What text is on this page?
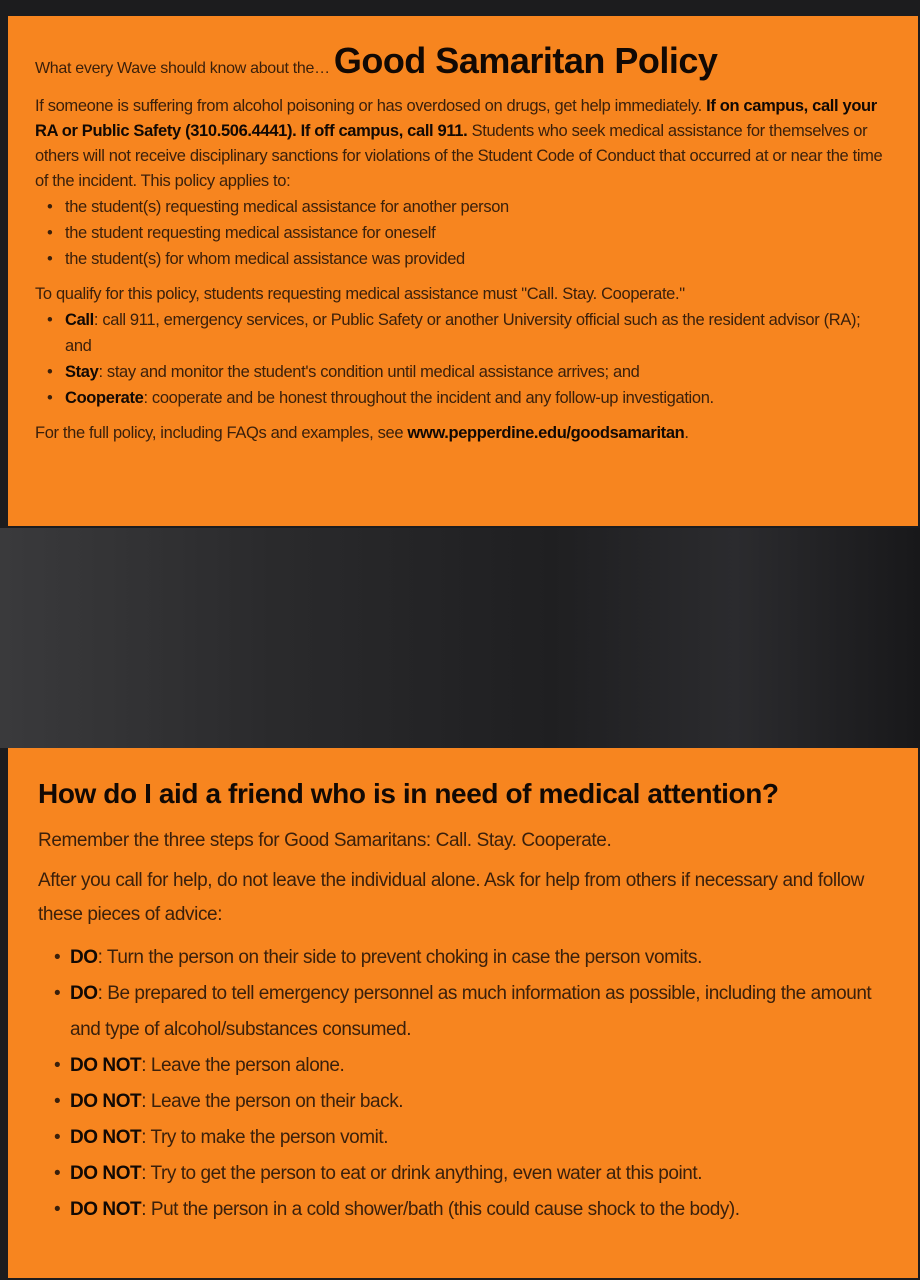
What every Wave should know about the… Good Samaritan Policy

If someone is suffering from alcohol poisoning or has overdosed on drugs, get help immediately. If on campus, call your RA or Public Safety (310.506.4441). If off campus, call 911. Students who seek medical assistance for themselves or others will not receive disciplinary sanctions for violations of the Student Code of Conduct that occurred at or near the time of the incident. This policy applies to:

• the student(s) requesting medical assistance for another person
• the student requesting medical assistance for oneself
• the student(s) for whom medical assistance was provided

To qualify for this policy, students requesting medical assistance must "Call. Stay. Cooperate."

• Call: call 911, emergency services, or Public Safety or another University official such as the resident advisor (RA); and
• Stay: stay and monitor the student's condition until medical assistance arrives; and
• Cooperate: cooperate and be honest throughout the incident and any follow-up investigation.

For the full policy, including FAQs and examples, see www.pepperdine.edu/goodsamaritan.

How do I aid a friend who is in need of medical attention?

Remember the three steps for Good Samaritans: Call. Stay. Cooperate.

After you call for help, do not leave the individual alone. Ask for help from others if necessary and follow these pieces of advice:

• DO: Turn the person on their side to prevent choking in case the person vomits.
• DO: Be prepared to tell emergency personnel as much information as possible, including the amount and type of alcohol/substances consumed.
• DO NOT: Leave the person alone.
• DO NOT: Leave the person on their back.
• DO NOT: Try to make the person vomit.
• DO NOT: Try to get the person to eat or drink anything, even water at this point.
• DO NOT: Put the person in a cold shower/bath (this could cause shock to the body).
